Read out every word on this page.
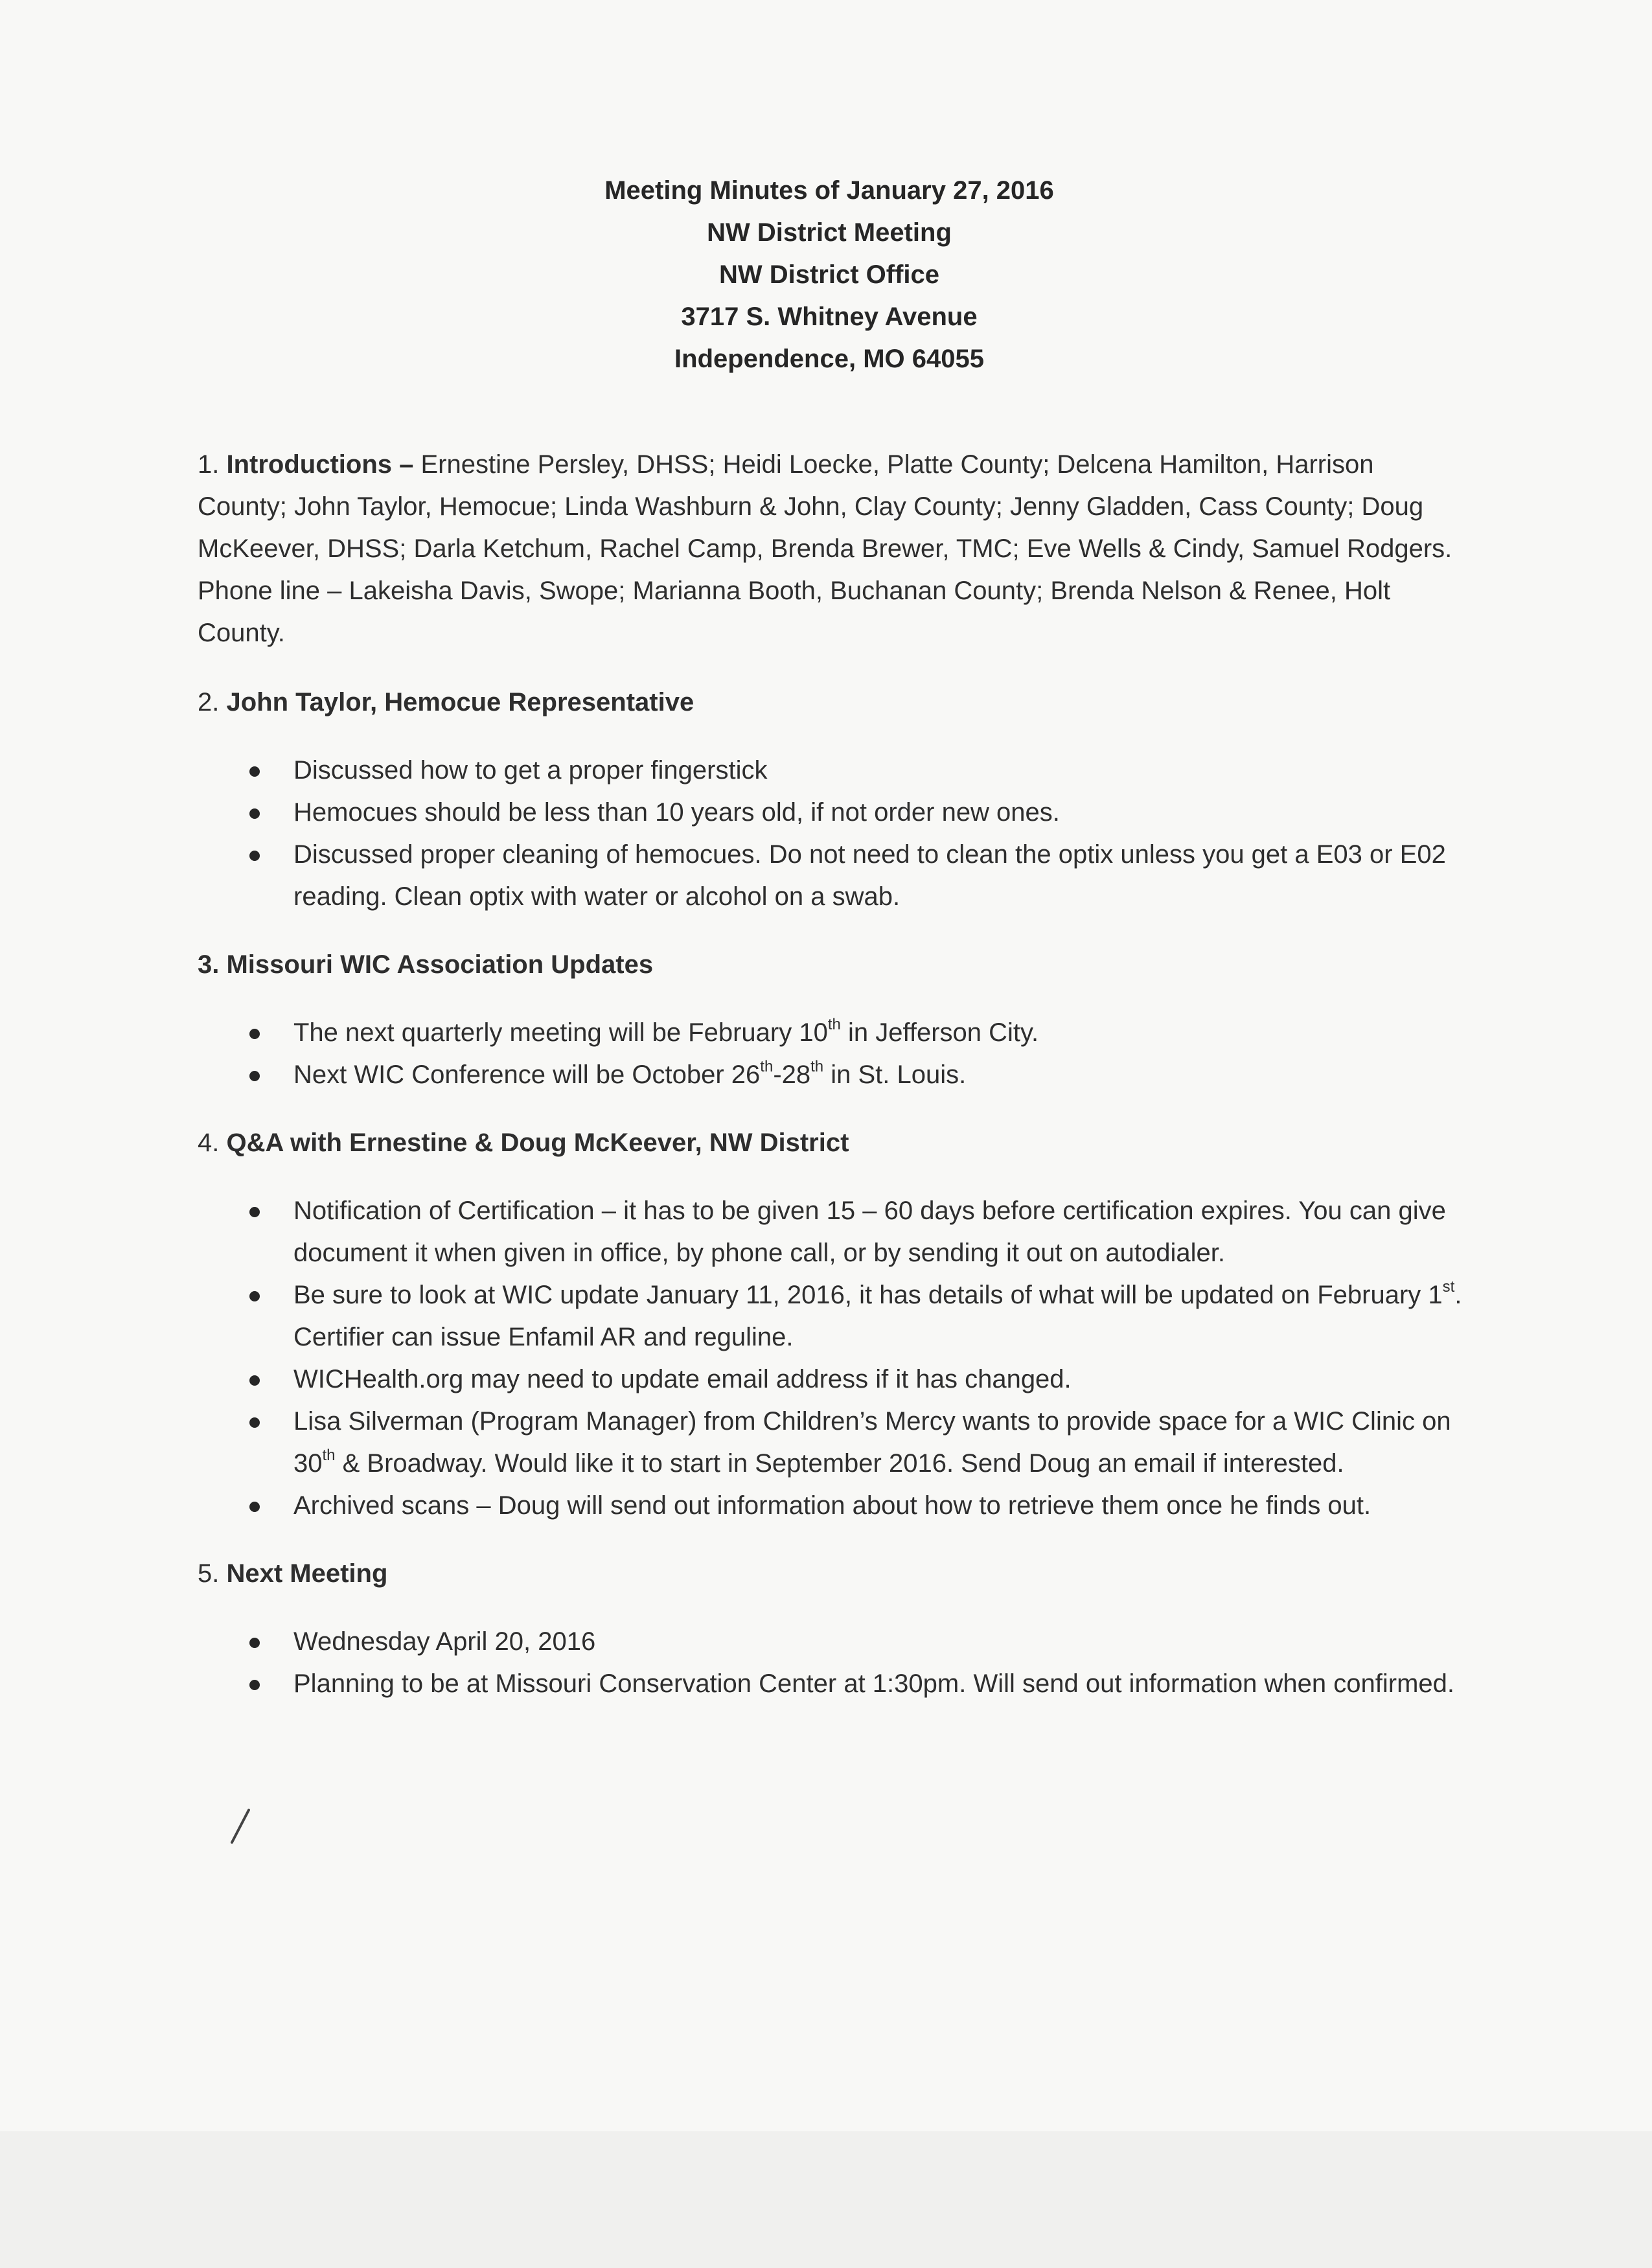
Meeting Minutes of January 27, 2016
NW District Meeting
NW District Office
3717 S. Whitney Avenue
Independence, MO 64055
1. Introductions – Ernestine Persley, DHSS; Heidi Loecke, Platte County; Delcena Hamilton, Harrison County; John Taylor, Hemocue; Linda Washburn & John, Clay County; Jenny Gladden, Cass County; Doug McKeever, DHSS; Darla Ketchum, Rachel Camp, Brenda Brewer, TMC; Eve Wells & Cindy, Samuel Rodgers. Phone line – Lakeisha Davis, Swope; Marianna Booth, Buchanan County; Brenda Nelson & Renee, Holt County.
2. John Taylor, Hemocue Representative
Discussed how to get a proper fingerstick
Hemocues should be less than 10 years old, if not order new ones.
Discussed proper cleaning of hemocues. Do not need to clean the optix unless you get a E03 or E02 reading. Clean optix with water or alcohol on a swab.
3. Missouri WIC Association Updates
The next quarterly meeting will be February 10th in Jefferson City.
Next WIC Conference will be October 26th-28th in St. Louis.
4. Q&A with Ernestine & Doug McKeever, NW District
Notification of Certification – it has to be given 15 – 60 days before certification expires. You can give document it when given in office, by phone call, or by sending it out on autodialer.
Be sure to look at WIC update January 11, 2016, it has details of what will be updated on February 1st. Certifier can issue Enfamil AR and reguline.
WICHealth.org may need to update email address if it has changed.
Lisa Silverman (Program Manager) from Children’s Mercy wants to provide space for a WIC Clinic on 30th & Broadway. Would like it to start in September 2016. Send Doug an email if interested.
Archived scans – Doug will send out information about how to retrieve them once he finds out.
5. Next Meeting
Wednesday April 20, 2016
Planning to be at Missouri Conservation Center at 1:30pm. Will send out information when confirmed.
